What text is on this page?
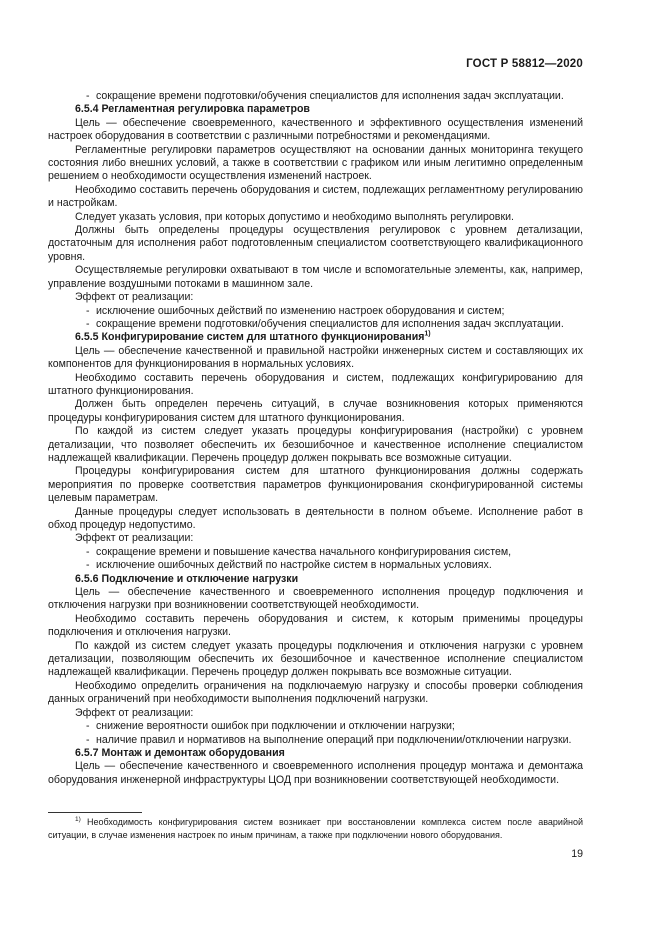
ГОСТ Р 58812—2020

- сокращение времени подготовки/обучения специалистов для исполнения задач эксплуатации.

6.5.4 Регламентная регулировка параметров

Цель — обеспечение своевременного, качественного и эффективного осуществления изменений настроек оборудования в соответствии с различными потребностями и рекомендациями.

Регламентные регулировки параметров осуществляют на основании данных мониторинга текущего состояния либо внешних условий, а также в соответствии с графиком или иным легитимно определенным решением о необходимости осуществления изменений настроек.

Необходимо составить перечень оборудования и систем, подлежащих регламентному регулированию и настройкам.

Следует указать условия, при которых допустимо и необходимо выполнять регулировки.

Должны быть определены процедуры осуществления регулировок с уровнем детализации, достаточным для исполнения работ подготовленным специалистом соответствующего квалификационного уровня.

Осуществляемые регулировки охватывают в том числе и вспомогательные элементы, как, например, управление воздушными потоками в машинном зале.

Эффект от реализации:

- исключение ошибочных действий по изменению настроек оборудования и систем;

- сокращение времени подготовки/обучения специалистов для исполнения задач эксплуатации.

6.5.5 Конфигурирование систем для штатного функционирования$^{1)}$

Цель — обеспечение качественной и правильной настройки инженерных систем и составляющих их компонентов для функционирования в нормальных условиях.

Необходимо составить перечень оборудования и систем, подлежащих конфигурированию для штатного функционирования.

Должен быть определен перечень ситуаций, в случае возникновения которых применяются процедуры конфигурирования систем для штатного функционирования.

По каждой из систем следует указать процедуры конфигурирования (настройки) с уровнем детализации, что позволяет обеспечить их безошибочное и качественное исполнение специалистом надлежащей квалификации. Перечень процедур должен покрывать все возможные ситуации.

Процедуры конфигурирования систем для штатного функционирования должны содержать мероприятия по проверке соответствия параметров функционирования сконфигурированной системы целевым параметрам.

Данные процедуры следует использовать в деятельности в полном объеме. Исполнение работ в обход процедур недопустимо.

Эффект от реализации:

- сокращение времени и повышение качества начального конфигурирования систем,

- исключение ошибочных действий по настройке систем в нормальных условиях.

6.5.6 Подключение и отключение нагрузки

Цель — обеспечение качественного и своевременного исполнения процедур подключения и отключения нагрузки при возникновении соответствующей необходимости.

Необходимо составить перечень оборудования и систем, к которым применимы процедуры подключения и отключения нагрузки.

По каждой из систем следует указать процедуры подключения и отключения нагрузки с уровнем детализации, позволяющим обеспечить их безошибочное и качественное исполнение специалистом надлежащей квалификации. Перечень процедур должен покрывать все возможные ситуации.

Необходимо определить ограничения на подключаемую нагрузку и способы проверки соблюдения данных ограничений при необходимости выполнения подключений нагрузки.

Эффект от реализации:

- снижение вероятности ошибок при подключении и отключении нагрузки;

- наличие правил и нормативов на выполнение операций при подключении/отключении нагрузки.

6.5.7 Монтаж и демонтаж оборудования

Цель — обеспечение качественного и своевременного исполнения процедур монтажа и демонтажа оборудования инженерной инфраструктуры ЦОД при возникновении соответствующей необходимости.

$^{1)}$ Необходимость конфигурирования систем возникает при восстановлении комплекса систем после аварийной ситуации, в случае изменения настроек по иным причинам, а также при подключении нового оборудования.
19
